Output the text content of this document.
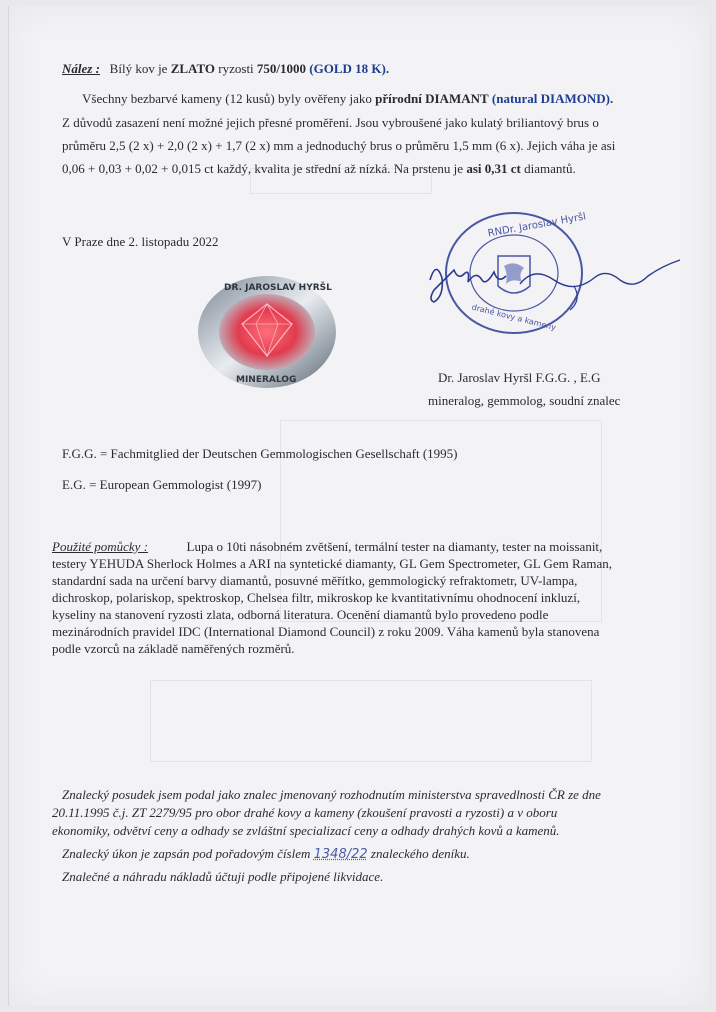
Nález : Bílý kov je ZLATO ryzosti 750/1000 (GOLD 18 K).
Všechny bezbarvé kameny (12 kusů) byly ověřeny jako přírodní DIAMANT (natural DIAMOND).
Z důvodů zasazení není možné jejich přesné proměření. Jsou vybroušené jako kulatý briliantový brus o
průměru 2,5 (2 x) + 2,0 (2 x) + 1,7 (2 x) mm a jednoduchý brus o průměru 1,5 mm (6 x). Jejich váha je asi
0,06 + 0,03 + 0,02 + 0,015 ct každý, kvalita je střední až nízká. Na prstenu je asi 0,31 ct diamantů.
V Praze dne 2. listopadu 2022
RNDr. Jaroslav Hyršl
drahé kovy a kameny
DR. JAROSLAV HYRŠL
MINERALOG	Dr. Jaroslav Hyršl F.G.G. , E.G
mineralog, gemmolog, soudní znalec
F.G.G. = Fachmitglied der Deutschen Gemmologischen Gesellschaft (1995)
E.G. = European Gemmologist (1997)
Použité pomůcky :	Lupa o 10ti násobném zvětšení, termální tester na diamanty, tester na moissanit,
testery YEHUDA Sherlock Holmes a ARI na syntetické diamanty, GL Gem Spectrometer, GL Gem Raman,
standardní sada na určení barvy diamantů, posuvné měřítko, gemmologický refraktometr, UV-lampa,
dichroskop, polariskop, spektroskop, Chelsea filtr, mikroskop ke kvantitativnímu ohodnocení inkluzí,
kyseliny na stanovení ryzosti zlata, odborná literatura. Ocenění diamantů bylo provedeno podle
mezinárodních pravidel IDC (International Diamond Council) z roku 2009. Váha kamenů byla stanovena
podle vzorců na základě naměřených rozměrů.
Znalecký posudek jsem podal jako znalec jmenovaný rozhodnutím ministerstva spravedlnosti ČR ze dne
20.11.1995 č.j. ZT 2279/95 pro obor drahé kovy a kameny (zkoušení pravosti a ryzosti) a v oboru
ekonomiky, odvětví ceny a odhady se zvláštní specializací ceny a odhady drahých kovů a kamenů.
Znalecký úkon je zapsán pod pořadovým číslem 1348/22 znaleckého deníku.
Znalečné a náhradu nákladů účtuji podle připojené likvidace.
